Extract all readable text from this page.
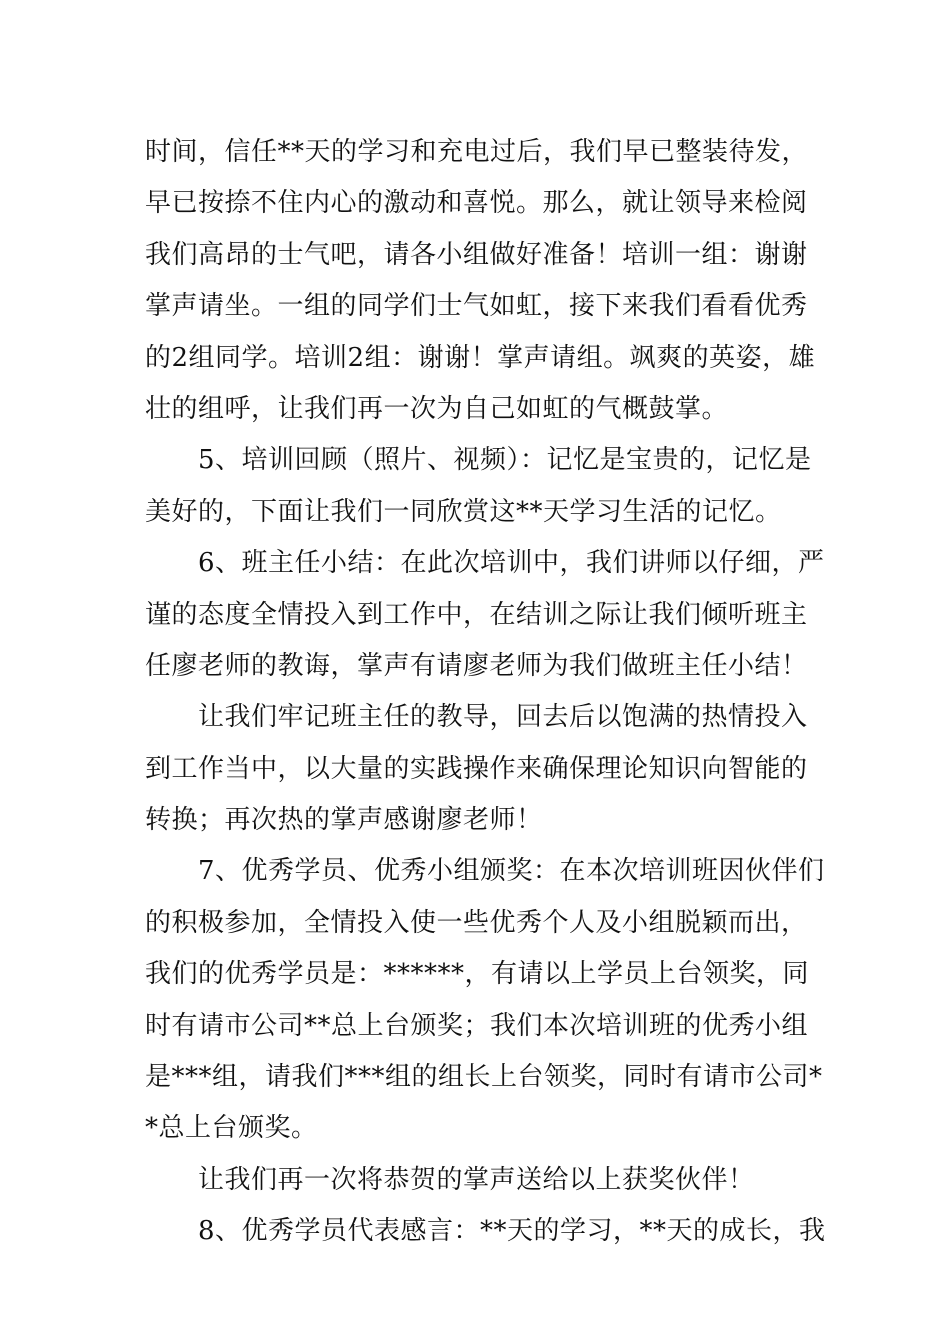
时间，信任**天的学习和充电过后，我们早已整装待发，
早已按捺不住内心的激动和喜悦。那么，就让领导来检阅
我们高昂的士气吧，请各小组做好准备！培训一组：谢谢
掌声请坐。一组的同学们士气如虹，接下来我们看看优秀
的2组同学。培训2组：谢谢！掌声请组。飒爽的英姿，雄
壮的组呼，让我们再一次为自己如虹的气概鼓掌。
5、培训回顾（照片、视频）：记忆是宝贵的，记忆是
美好的，下面让我们一同欣赏这**天学习生活的记忆。
6、班主任小结：在此次培训中，我们讲师以仔细，严
谨的态度全情投入到工作中，在结训之际让我们倾听班主
任廖老师的教诲，掌声有请廖老师为我们做班主任小结！
让我们牢记班主任的教导，回去后以饱满的热情投入
到工作当中，以大量的实践操作来确保理论知识向智能的
转换；再次热的掌声感谢廖老师！
7、优秀学员、优秀小组颁奖：在本次培训班因伙伴们
的积极参加，全情投入使一些优秀个人及小组脱颖而出，
我们的优秀学员是：******，有请以上学员上台领奖，同
时有请市公司**总上台颁奖；我们本次培训班的优秀小组
是***组，请我们***组的组长上台领奖，同时有请市公司*
*总上台颁奖。
让我们再一次将恭贺的掌声送给以上获奖伙伴！
8、优秀学员代表感言：**天的学习，**天的成长，我
